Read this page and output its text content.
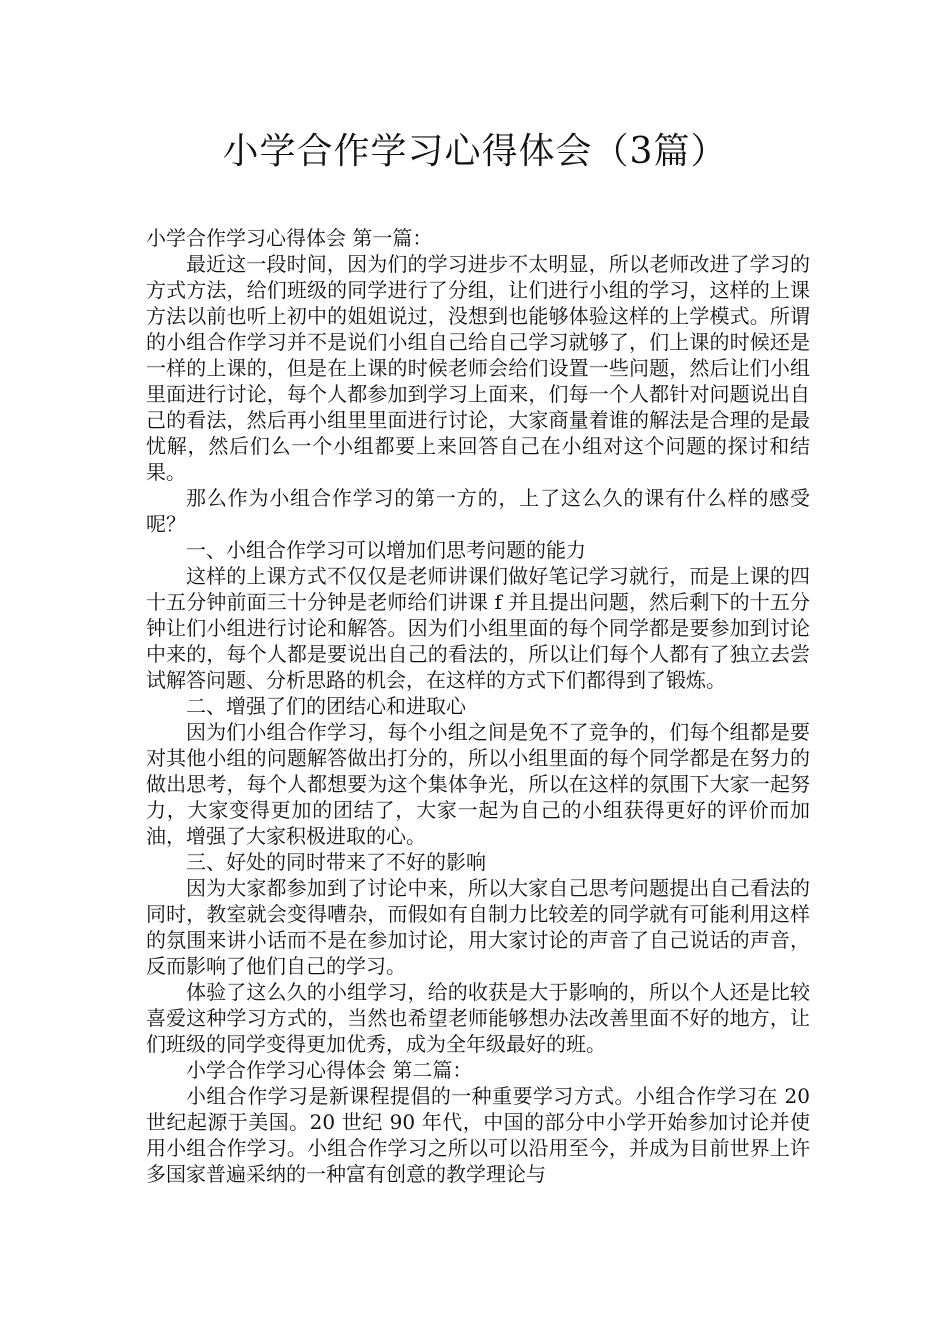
小学合作学习心得体会（3篇）

小学合作学习心得体会 第一篇：

最近这一段时间，因为们的学习进步不太明显，所以老师改进了学习的方式方法，给们班级的同学进行了分组，让们进行小组的学习，这样的上课方法以前也听上初中的姐姐说过，没想到也能够体验这样的上学模式。所谓的小组合作学习并不是说们小组自己给自己学习就够了，们上课的时候还是一样的上课的，但是在上课的时候老师会给们设置一些问题，然后让们小组里面进行讨论，每个人都参加到学习上面来，们每一个人都针对问题说出自己的看法，然后再小组里里面进行讨论，大家商量着谁的解法是合理的是最忧解，然后们么一个小组都要上来回答自己在小组对这个问题的探讨和结果。

那么作为小组合作学习的第一方的，上了这么久的课有什么样的感受呢？

一、小组合作学习可以增加们思考问题的能力

这样的上课方式不仅仅是老师讲课们做好笔记学习就行，而是上课的四十五分钟前面三十分钟是老师给们讲课 f 并且提出问题，然后剩下的十五分钟让们小组进行讨论和解答。因为们小组里面的每个同学都是要参加到讨论中来的，每个人都是要说出自己的看法的，所以让们每个人都有了独立去尝试解答问题、分析思路的机会，在这样的方式下们都得到了锻炼。

二、增强了们的团结心和进取心

因为们小组合作学习，每个小组之间是免不了竞争的，们每个组都是要对其他小组的问题解答做出打分的，所以小组里面的每个同学都是在努力的做出思考，每个人都想要为这个集体争光，所以在这样的氛围下大家一起努力，大家变得更加的团结了，大家一起为自己的小组获得更好的评价而加油，增强了大家积极进取的心。

三、好处的同时带来了不好的影响

因为大家都参加到了讨论中来，所以大家自己思考问题提出自己看法的同时，教室就会变得嘈杂，而假如有自制力比较差的同学就有可能利用这样的氛围来讲小话而不是在参加讨论，用大家讨论的声音了自己说话的声音，反而影响了他们自己的学习。

体验了这么久的小组学习，给的收获是大于影响的，所以个人还是比较喜爱这种学习方式的，当然也希望老师能够想办法改善里面不好的地方，让们班级的同学变得更加优秀，成为全年级最好的班。

小学合作学习心得体会 第二篇：

小组合作学习是新课程提倡的一种重要学习方式。小组合作学习在 20 世纪起源于美国。20 世纪 90 年代，中国的部分中小学开始参加讨论并使用小组合作学习。小组合作学习之所以可以沿用至今，并成为目前世界上许多国家普遍采纳的一种富有创意的教学理论与
